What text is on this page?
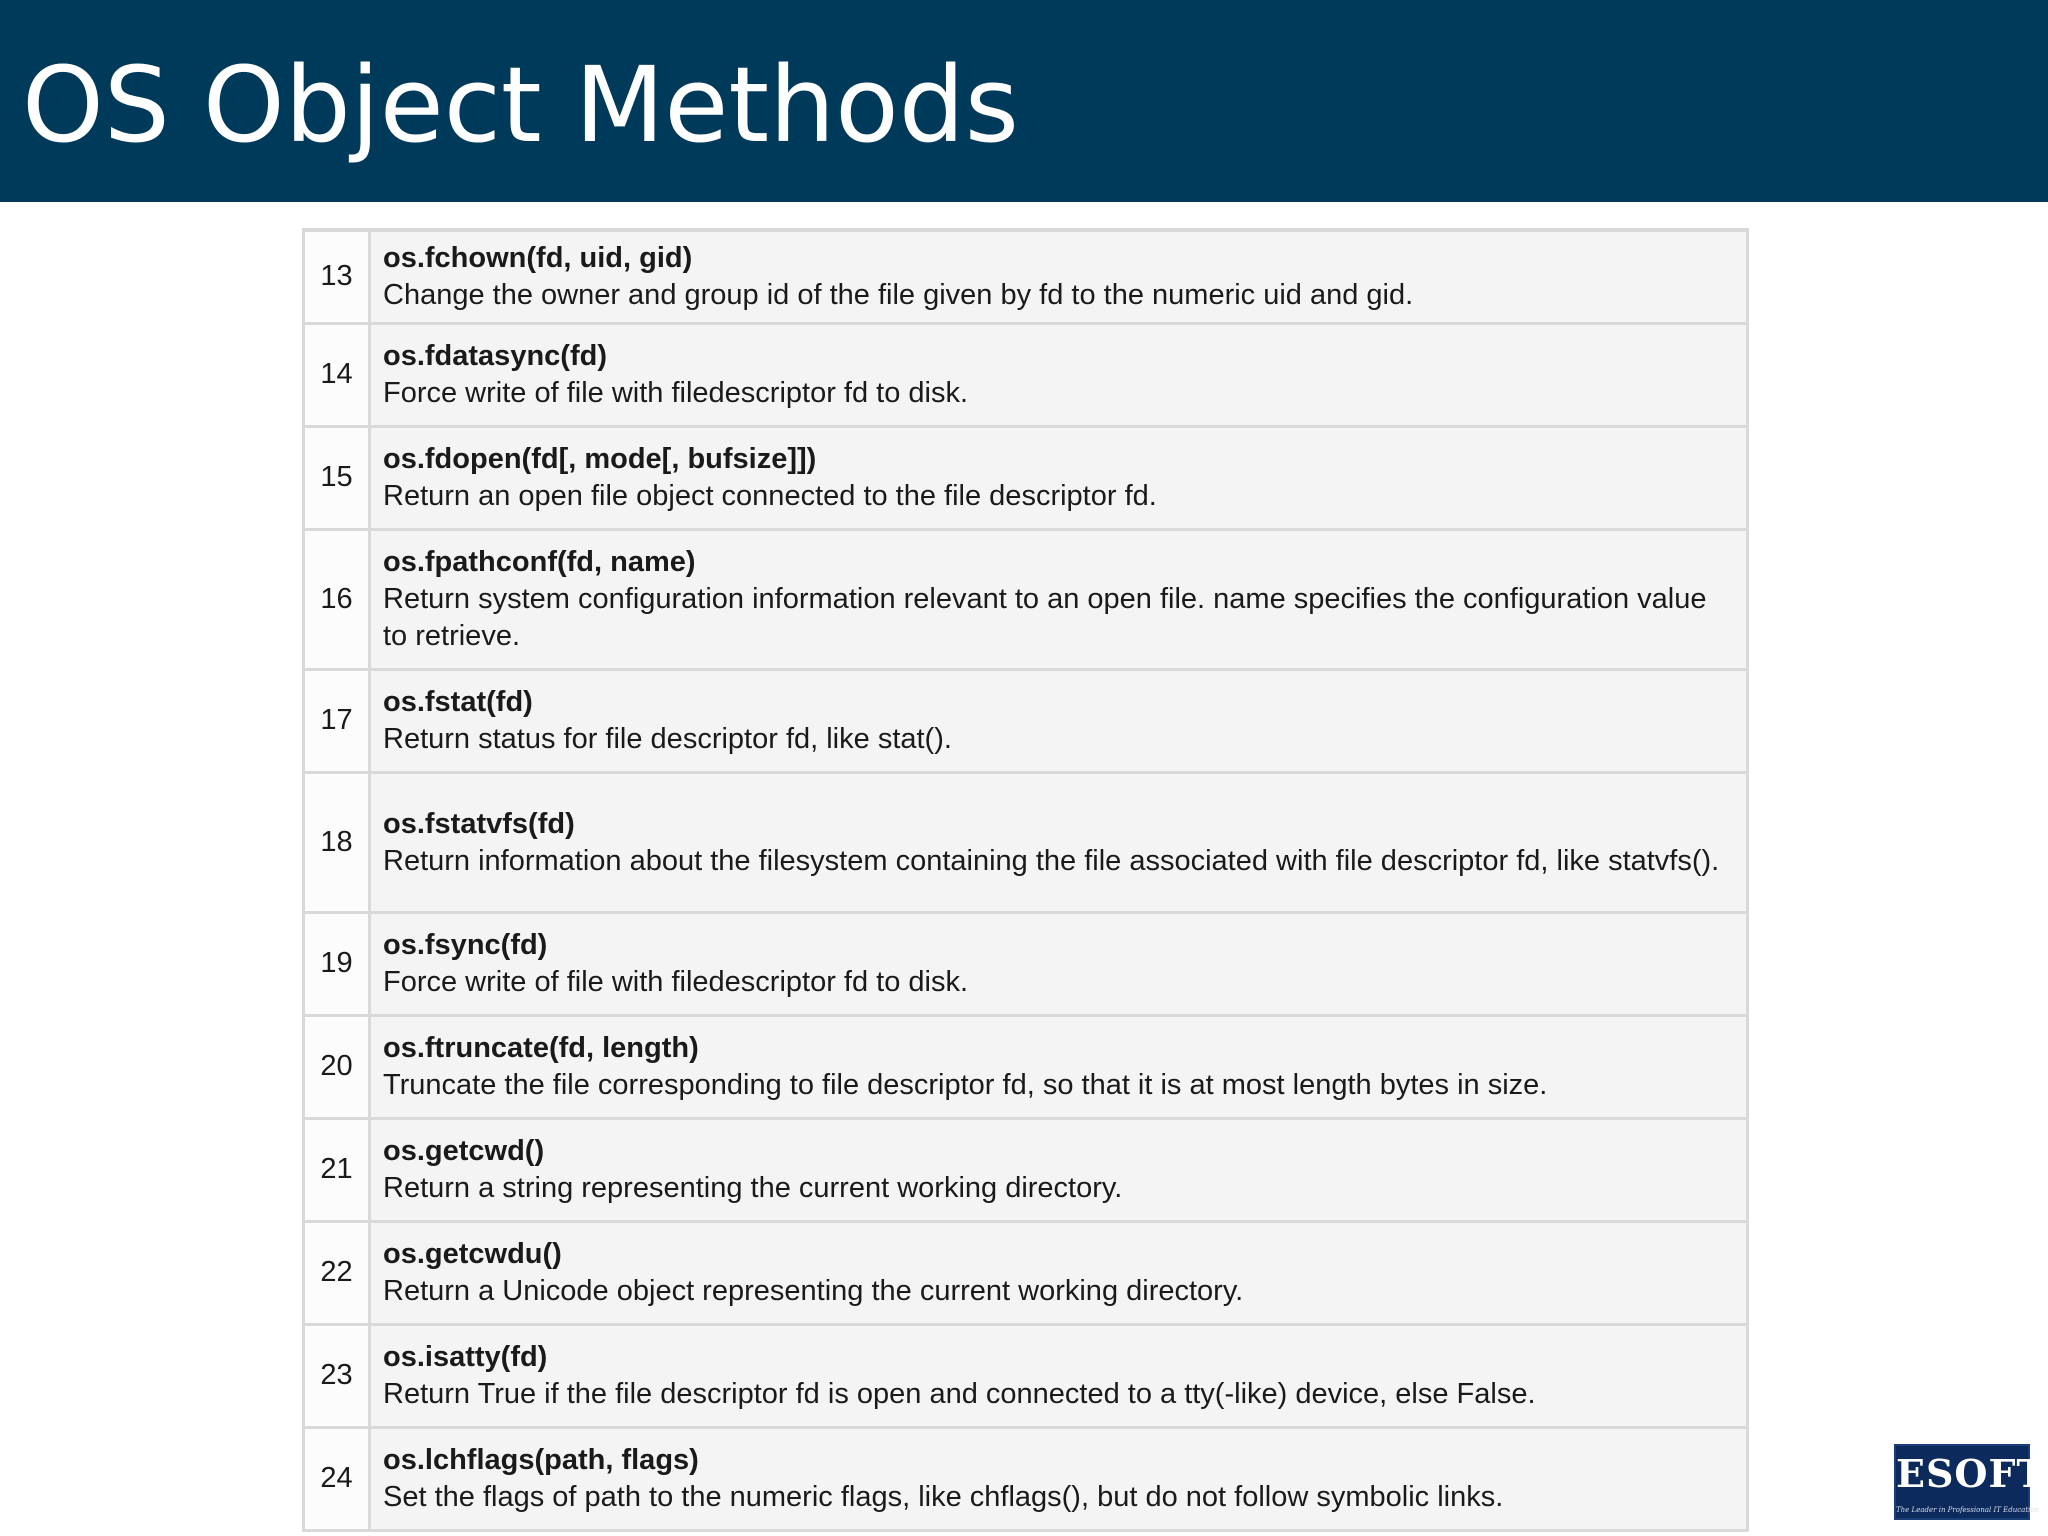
OS Object Methods
13	os.fchown(fd, uid, gid)
Change the owner and group id of the file given by fd to the numeric uid and gid.

14	os.fdatasync(fd)
Force write of file with filedescriptor fd to disk.

15	os.fdopen(fd[, mode[, bufsize]])
Return an open file object connected to the file descriptor fd.

16	os.fpathconf(fd, name)
Return system configuration information relevant to an open file. name specifies the configuration value to retrieve.

17	os.fstat(fd)
Return status for file descriptor fd, like stat().

18	os.fstatvfs(fd)
Return information about the filesystem containing the file associated with file descriptor fd, like statvfs().

19	os.fsync(fd)
Force write of file with filedescriptor fd to disk.

20	os.ftruncate(fd, length)
Truncate the file corresponding to file descriptor fd, so that it is at most length bytes in size.

21	os.getcwd()
Return a string representing the current working directory.

22	os.getcwdu()
Return a Unicode object representing the current working directory.

23	os.isatty(fd)
Return True if the file descriptor fd is open and connected to a tty(-like) device, else False.

24	os.lchflags(path, flags)
Set the flags of path to the numeric flags, like chflags(), but do not follow symbolic links.
ESOFT
The Leader in Professional IT Education
